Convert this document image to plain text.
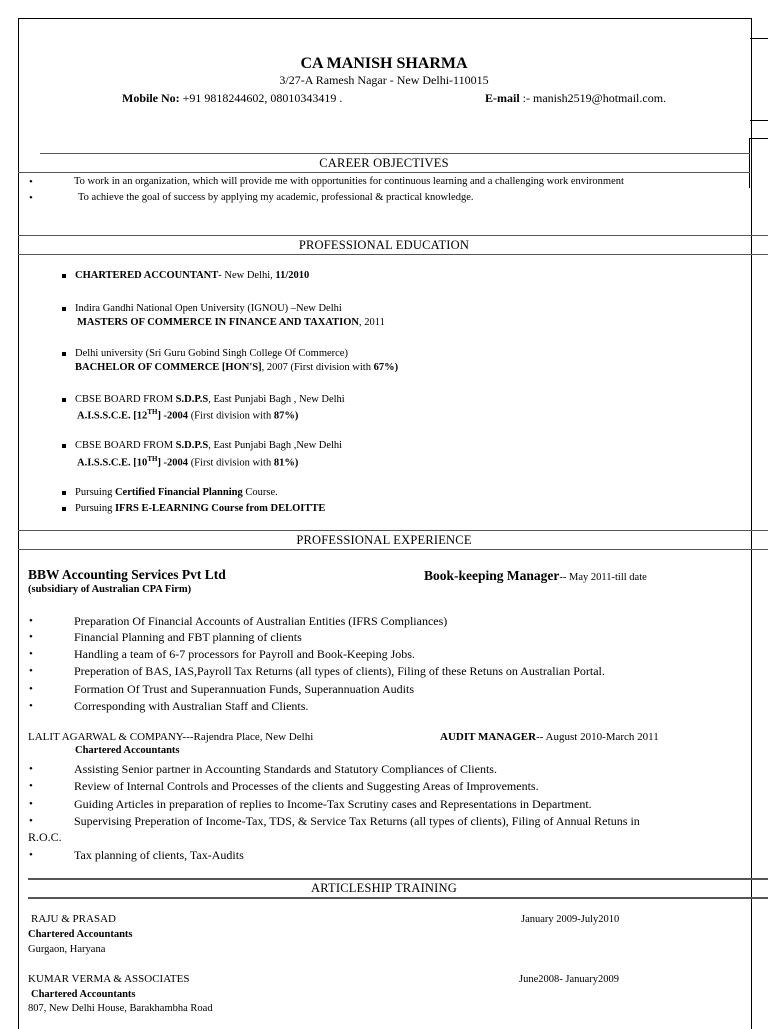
CA MANISH SHARMA
3/27-A Ramesh Nagar - New Delhi-110015
Mobile No: +91 9818244602, 08010343419 .	E-mail :- manish2519@hotmail.com.
CAREER OBJECTIVES
•	To work in an organization, which will provide me with opportunities for continuous learning and a challenging work environment
•	To achieve the goal of success by applying my academic, professional & practical knowledge.
PROFESSIONAL EDUCATION
CHARTERED ACCOUNTANT- New Delhi, 11/2010
Indira Gandhi National Open University (IGNOU) –New Delhi
MASTERS OF COMMERCE IN FINANCE AND TAXATION, 2011
Delhi university (Sri Guru Gobind Singh College Of Commerce)
BACHELOR OF COMMERCE [HON'S], 2007 (First division with 67%)
CBSE BOARD FROM S.D.P.S, East Punjabi Bagh , New Delhi
A.I.S.S.C.E. [12TH] -2004 (First division with 87%)
CBSE BOARD FROM S.D.P.S, East Punjabi Bagh ,New Delhi
A.I.S.S.C.E. [10TH] -2004 (First division with 81%)
Pursuing Certified Financial Planning Course.
Pursuing IFRS E-LEARNING Course from DELOITTE
PROFESSIONAL EXPERIENCE
BBW Accounting Services Pvt Ltd
(subsidiary of Australian CPA Firm)
Book-keeping Manager-- May 2011-till date
•	Preparation Of Financial Accounts of Australian Entities (IFRS Compliances)
•	Financial Planning and FBT planning of clients
•	Handling a team of 6-7 processors for Payroll and Book-Keeping Jobs.
•	Preperation of BAS, IAS,Payroll Tax Returns (all types of clients), Filing of these Retuns on Australian Portal.
•	Formation Of Trust and Superannuation Funds, Superannuation Audits
•	Corresponding with Australian Staff and Clients.
LALIT AGARWAL & COMPANY---Rajendra Place, New Delhi	AUDIT MANAGER-- August 2010-March 2011
Chartered Accountants
•	Assisting Senior partner in Accounting Standards and Statutory Compliances of Clients.
•	Review of Internal Controls and Processes of the clients and Suggesting Areas of Improvements.
•	Guiding Articles in preparation of replies to Income-Tax Scrutiny cases and Representations in Department.
•	Supervising Preperation of Income-Tax, TDS, & Service Tax Returns (all types of clients), Filing of Annual Retuns in
R.O.C.
•	Tax planning of clients, Tax-Audits
ARTICLESHIP TRAINING
RAJU & PRASAD	January 2009-July2010
Chartered Accountants
Gurgaon, Haryana
KUMAR VERMA & ASSOCIATES	June2008- January2009
Chartered Accountants
807, New Delhi House, Barakhambha Road
